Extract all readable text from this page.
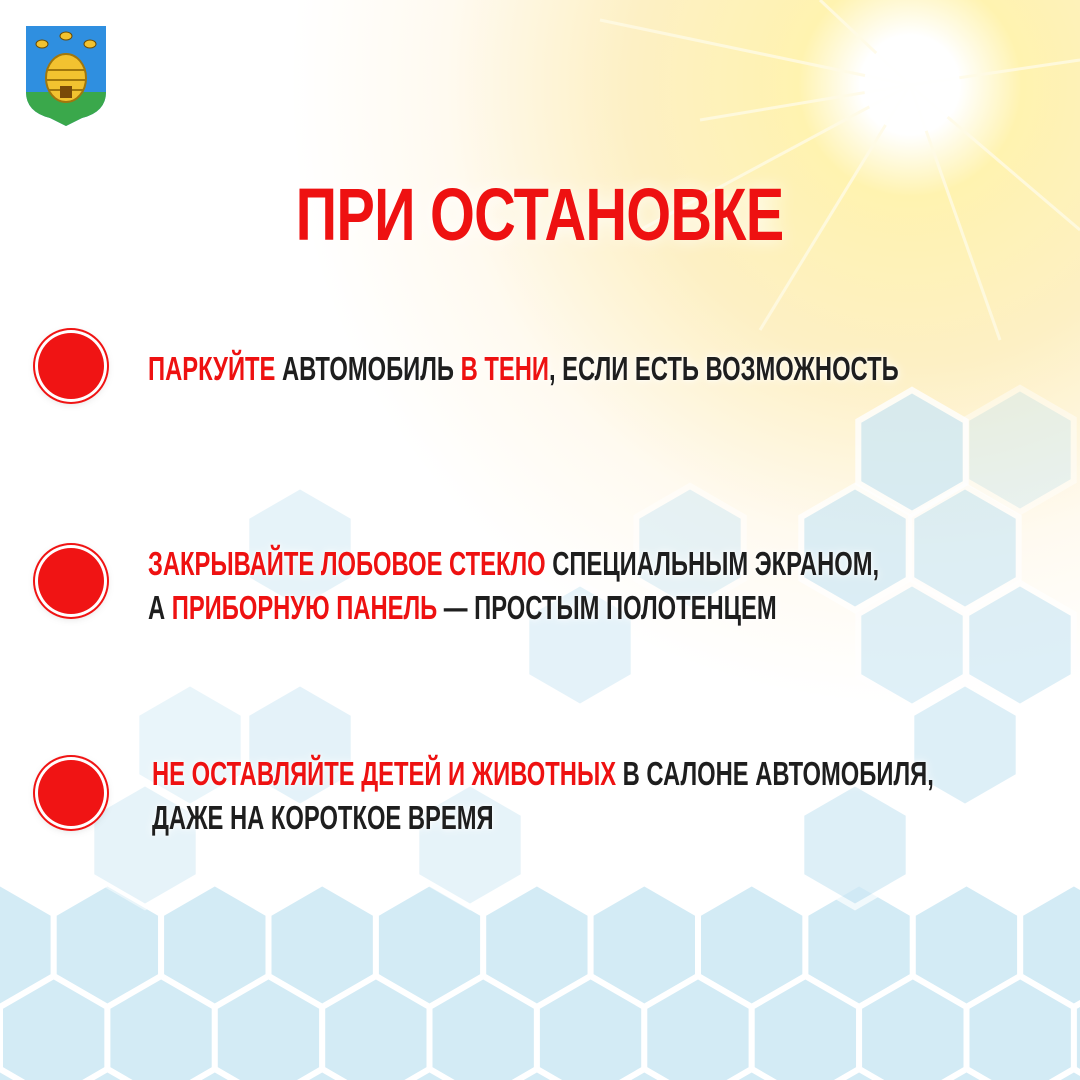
ПРИ ОСТАНОВКЕ
ПАРКУЙТЕ АВТОМОБИЛЬ В ТЕНИ, ЕСЛИ ЕСТЬ ВОЗМОЖНОСТЬ
ЗАКРЫВАЙТЕ ЛОБОВОЕ СТЕКЛО СПЕЦИАЛЬНЫМ ЭКРАНОМ,
А ПРИБОРНУЮ ПАНЕЛЬ — ПРОСТЫМ ПОЛОТЕНЦЕМ
НЕ ОСТАВЛЯЙТЕ ДЕТЕЙ И ЖИВОТНЫХ В САЛОНЕ АВТОМОБИЛЯ,
ДАЖЕ НА КОРОТКОЕ ВРЕМЯ
